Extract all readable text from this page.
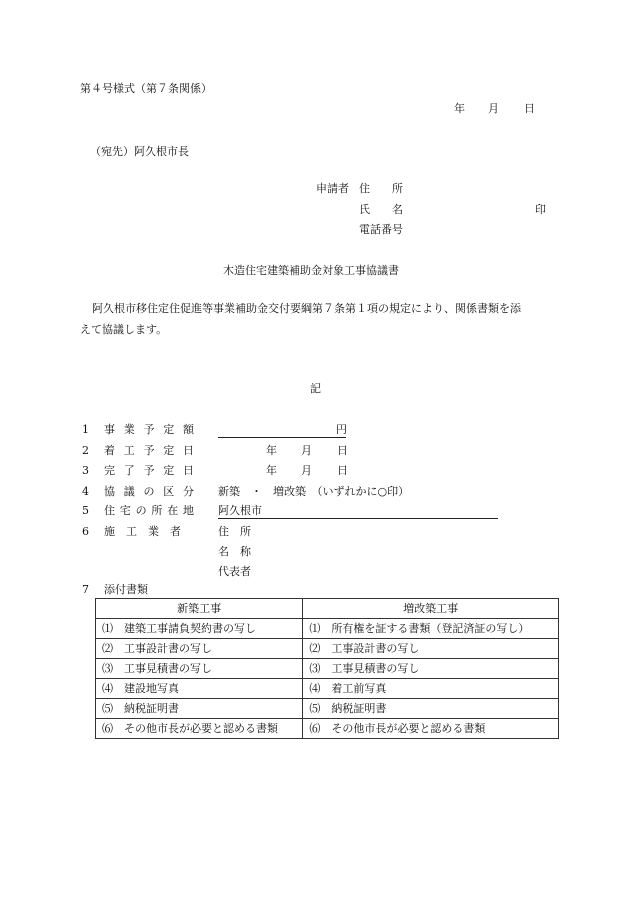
第４号様式（第７条関係）
年 月 日
（宛先）阿久根市長
申請者 住　　所
氏　　名	印
電話番号
木造住宅建築補助金対象工事協議書
阿久根市移住定住促進等事業補助金交付要綱第７条第１項の規定により、関係書類を添
えて協議します。
記
1 事業予定額	円
2 着工予定日	年 月 日
3 完了予定日	年 月 日
4 協議の区分 新築　・　増改築　（いずれかに○印）
5 住宅の所在地 阿久根市
6 施　工　業　者	住　所
名　称
代表者
7 添付書類
新築工事	増改築工事
⑴ 建築工事請負契約書の写し	⑴ 所有権を証する書類（登記済証の写し）
⑵ 工事設計書の写し	⑵ 工事設計書の写し
⑶ 工事見積書の写し	⑶ 工事見積書の写し
⑷ 建設地写真	⑷ 着工前写真
⑸ 納税証明書	⑸ 納税証明書
⑹ その他市長が必要と認める書類	⑹ その他市長が必要と認める書類
